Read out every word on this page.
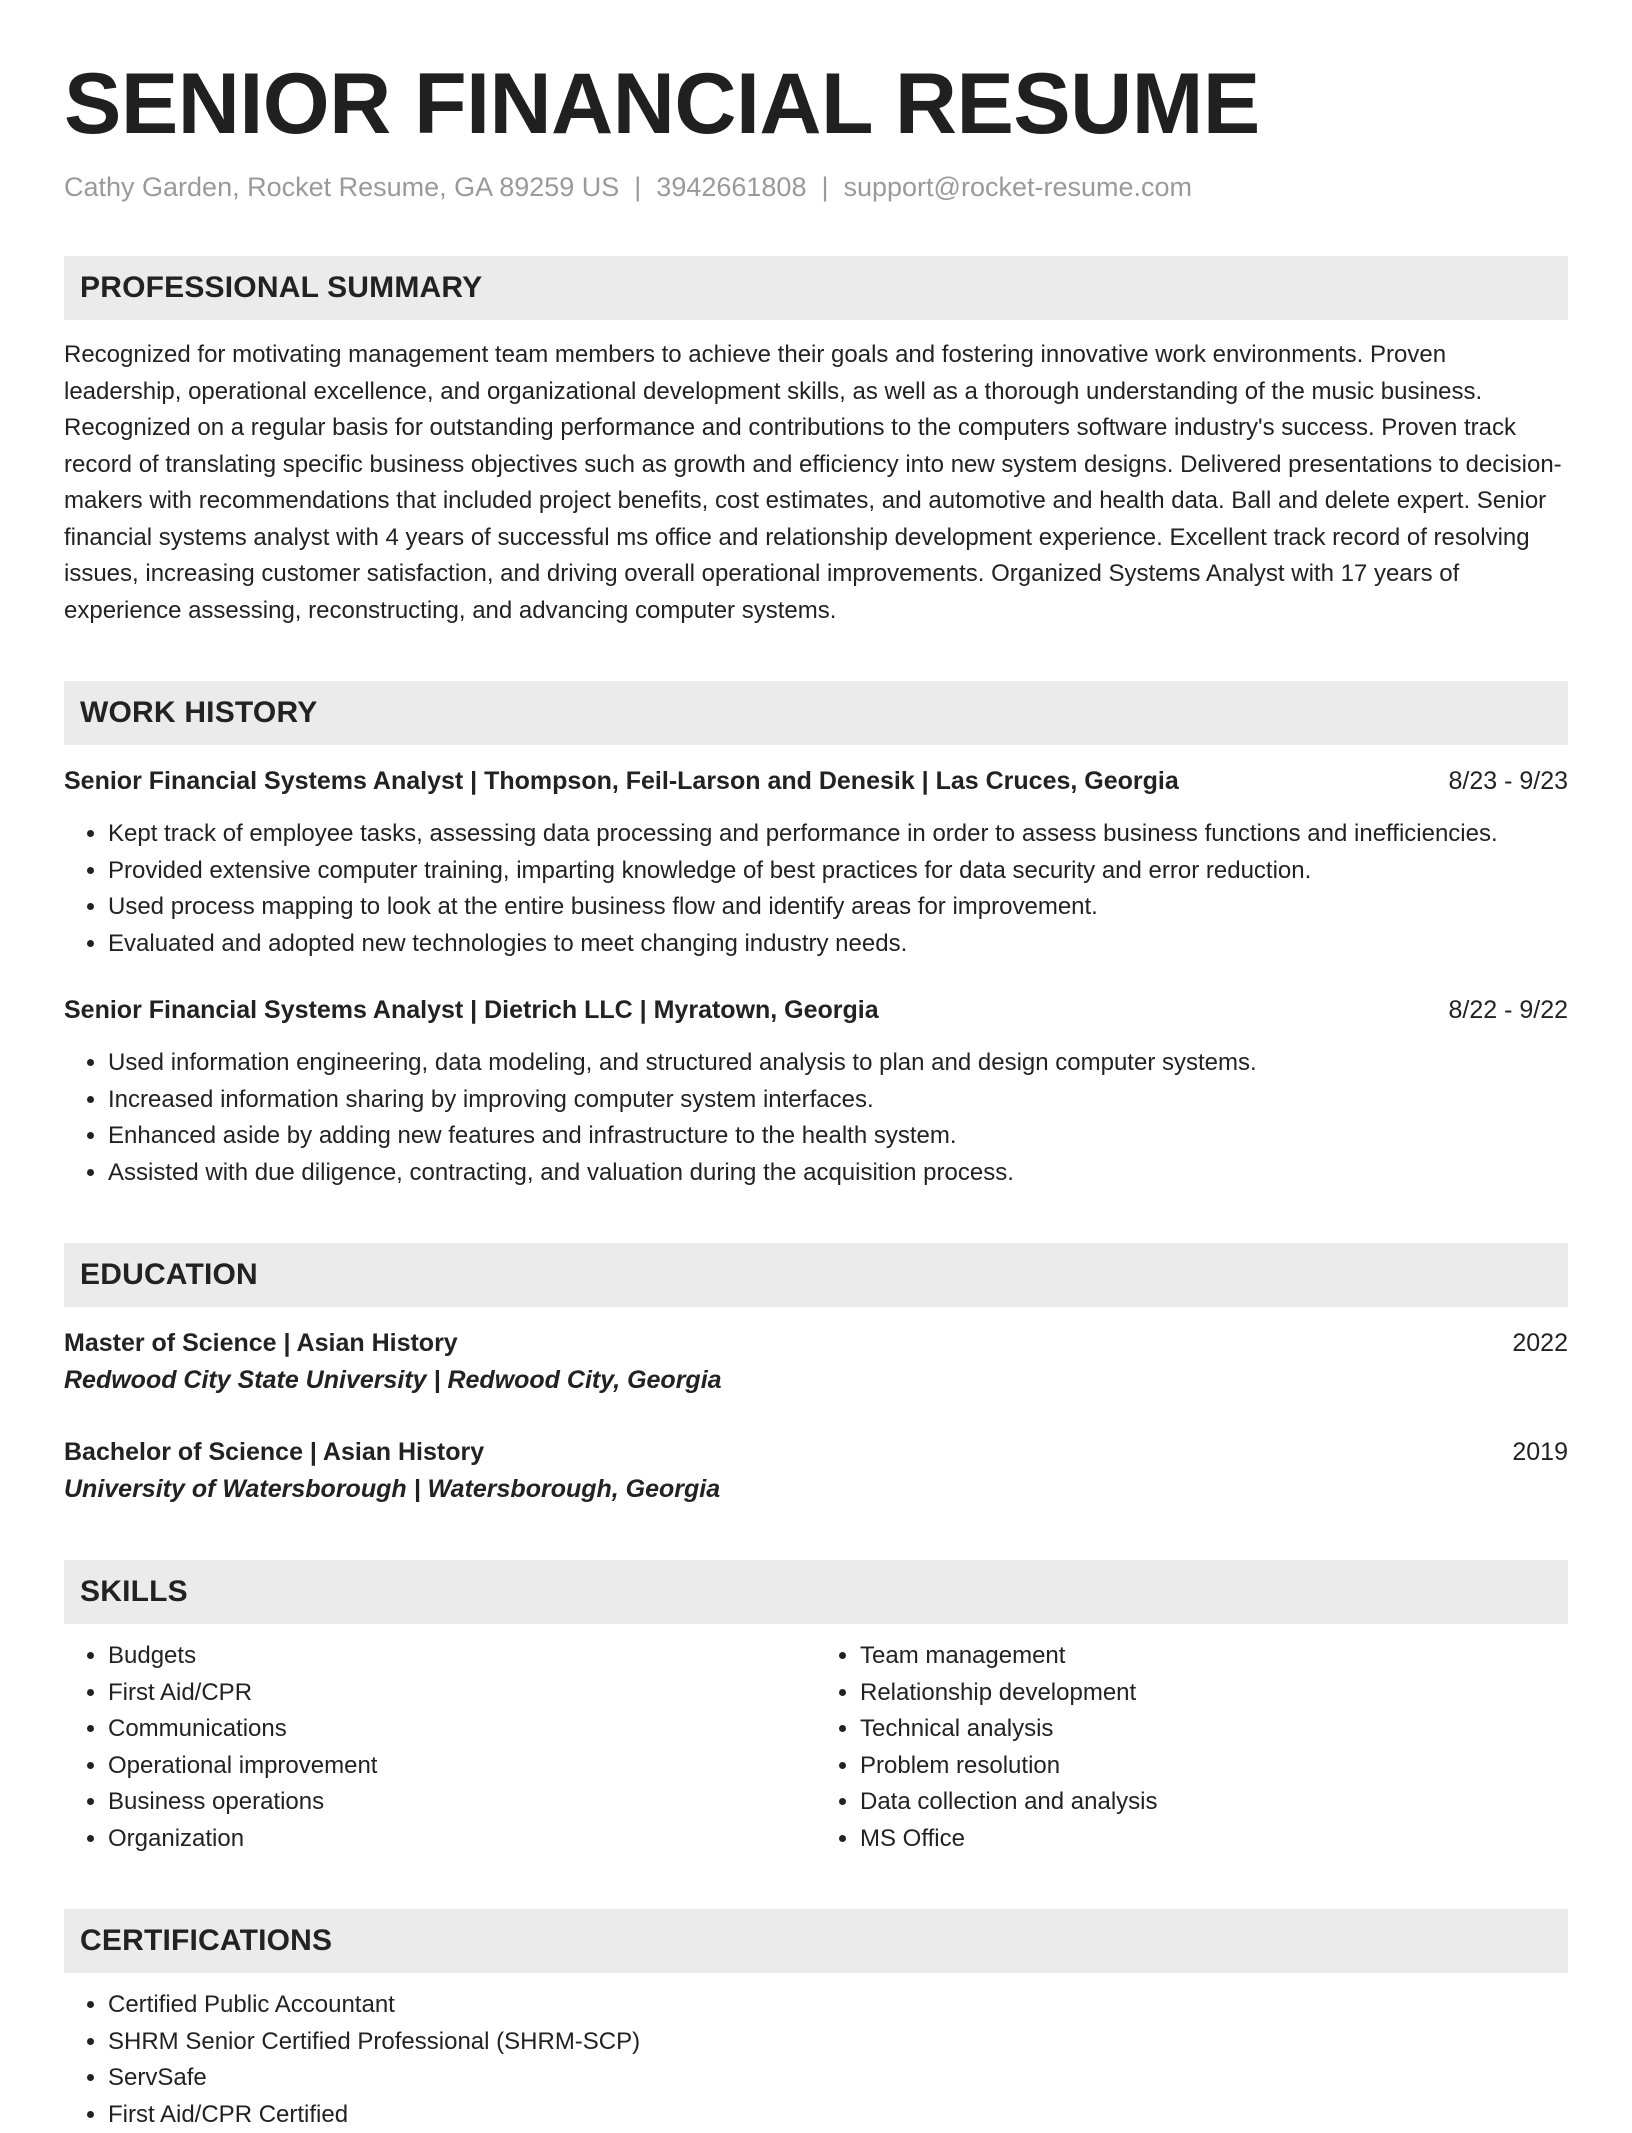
SENIOR FINANCIAL RESUME
Cathy Garden, Rocket Resume, GA 89259 US | 3942661808 | support@rocket-resume.com
PROFESSIONAL SUMMARY
Recognized for motivating management team members to achieve their goals and fostering innovative work environments. Proven leadership, operational excellence, and organizational development skills, as well as a thorough understanding of the music business. Recognized on a regular basis for outstanding performance and contributions to the computers software industry's success. Proven track record of translating specific business objectives such as growth and efficiency into new system designs. Delivered presentations to decision-makers with recommendations that included project benefits, cost estimates, and automotive and health data. Ball and delete expert. Senior financial systems analyst with 4 years of successful ms office and relationship development experience. Excellent track record of resolving issues, increasing customer satisfaction, and driving overall operational improvements. Organized Systems Analyst with 17 years of experience assessing, reconstructing, and advancing computer systems.
WORK HISTORY
Senior Financial Systems Analyst | Thompson, Feil-Larson and Denesik | Las Cruces, Georgia	8/23 - 9/23
• Kept track of employee tasks, assessing data processing and performance in order to assess business functions and inefficiencies.
• Provided extensive computer training, imparting knowledge of best practices for data security and error reduction.
• Used process mapping to look at the entire business flow and identify areas for improvement.
• Evaluated and adopted new technologies to meet changing industry needs.
Senior Financial Systems Analyst | Dietrich LLC | Myratown, Georgia	8/22 - 9/22
• Used information engineering, data modeling, and structured analysis to plan and design computer systems.
• Increased information sharing by improving computer system interfaces.
• Enhanced aside by adding new features and infrastructure to the health system.
• Assisted with due diligence, contracting, and valuation during the acquisition process.
EDUCATION
Master of Science | Asian History	2022
Redwood City State University | Redwood City, Georgia
Bachelor of Science | Asian History	2019
University of Watersborough | Watersborough, Georgia
SKILLS
• Budgets
• First Aid/CPR
• Communications
• Operational improvement
• Business operations
• Organization
• Team management
• Relationship development
• Technical analysis
• Problem resolution
• Data collection and analysis
• MS Office
CERTIFICATIONS
• Certified Public Accountant
• SHRM Senior Certified Professional (SHRM-SCP)
• ServSafe
• First Aid/CPR Certified
